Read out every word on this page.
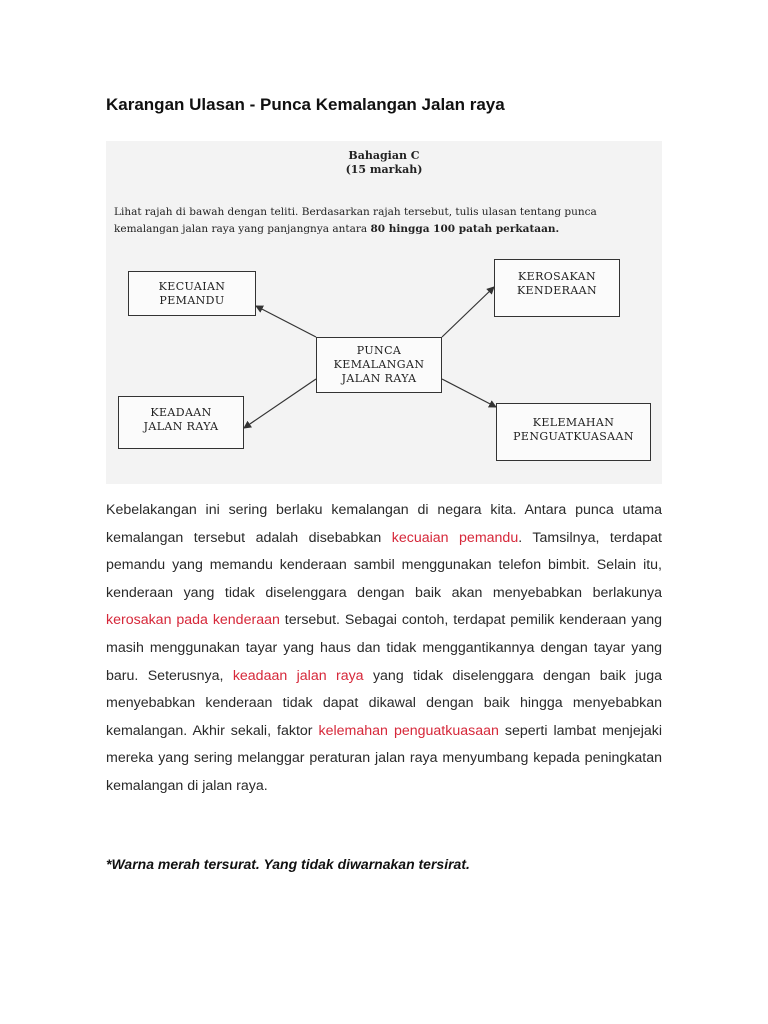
Karangan Ulasan - Punca Kemalangan Jalan raya
Bahagian C
(15 markah)
Lihat rajah di bawah dengan teliti. Berdasarkan rajah tersebut, tulis ulasan tentang punca
kemalangan jalan raya yang panjangnya antara 80 hingga 100 patah perkataan.
KECUAIAN
PEMANDU
KEROSAKAN
KENDERAAN
PUNCA
KEMALANGAN
JALAN RAYA
KEADAAN
JALAN RAYA	KELEMAHAN
PENGUATKUASAAN

Kebelakangan ini sering berlaku kemalangan di negara kita. Antara punca utama kemalangan tersebut adalah disebabkan kecuaian pemandu. Tamsilnya, terdapat pemandu yang memandu kenderaan sambil menggunakan telefon bimbit. Selain itu, kenderaan yang tidak diselenggara dengan baik akan menyebabkan berlakunya kerosakan pada kenderaan tersebut. Sebagai contoh, terdapat pemilik kenderaan yang masih menggunakan tayar yang haus dan tidak menggantikannya dengan tayar yang baru. Seterusnya, keadaan jalan raya yang tidak diselenggara dengan baik juga menyebabkan kenderaan tidak dapat dikawal dengan baik hingga menyebabkan kemalangan. Akhir sekali, faktor kelemahan penguatkuasaan seperti lambat menjejaki mereka yang sering melanggar peraturan jalan raya menyumbang kepada peningkatan kemalangan di jalan raya.

*Warna merah tersurat. Yang tidak diwarnakan tersirat.
